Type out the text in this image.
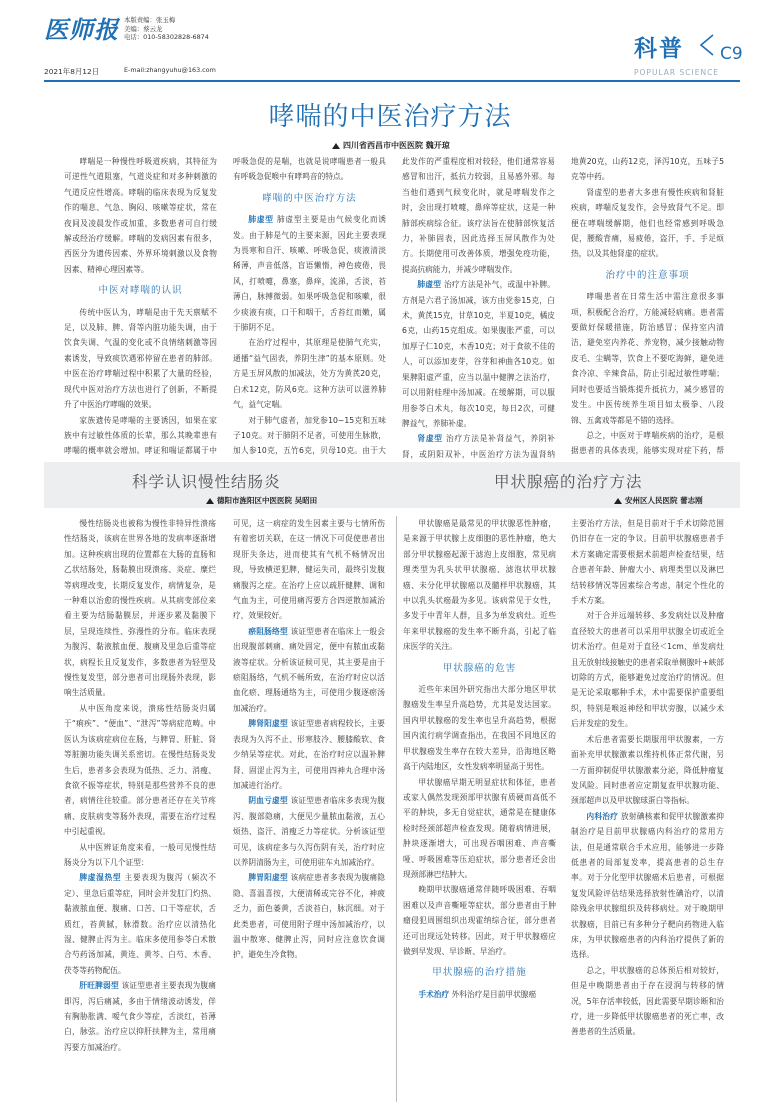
医师报 本版责编：张玉梅
美编：蔡云龙
电话：010-58302828-6874
2021年8月12日	E-mail:zhangyuhu@163.com
科普
POPULAR SCIENCE
C9
哮喘的中医治疗方法
四川省西昌市中医医院 魏开琼

哮喘是一种慢性呼吸道疾病，其特征为可逆性气道阻塞，气道炎症和对多种刺激的气道反应性增高。哮喘的临床表现为反复发作的喘息、气急、胸闷、咳嗽等症状，常在夜间及凌晨发作或加重，多数患者可自行缓解或经治疗缓解。哮喘的发病因素有很多，西医分为遗传因素、外界环境刺激以及食物因素、精神心理因素等。

中医对哮喘的认识

传统中医认为，哮喘是由于先天禀赋不足，以及肺、脾、肾等内脏功能失调，由于饮食失调、气温的变化或不良情绪刺激等因素诱发，导致痰饮遇邪停留在患者的肺部。中医在治疗哮喘过程中积累了大量的经验，现代中医对治疗方法也进行了创新，不断提升了中医治疗哮喘的效果。

家族遗传是哮喘的主要诱因，如果在家族中有过敏性体质的长辈，那么其晚辈患有哮喘的概率就会增加。哮证和喘证都属于中

呼吸急促的是喘，也就是说哮喘患者一般具有呼吸急促喉中有哮鸣音的特点。

哮喘的中医治疗方法

肺虚型 肺虚型主要是由气候变化而诱发。由于肺是气的主要来源，因此主要表现为畏寒和自汗、咳嗽、呼吸急促，痰液清淡稀薄，声音低落，盲语懒惰，神色疲倦，畏风，打喷嚏，鼻塞，鼻痒，流涕，舌淡，苔薄白，脉搏微弱。如果呼吸急促和咳嗽，很少痰液有痰，口干和咽干，舌苔红而嫩，属于肺阴不足。

在治疗过程中，其原理是使肺气充实，通播“益气固表，养阴生津”的基本原则。处方是玉屏风散的加减法，处方为黄芪20克，白术12克，防风6克。这种方法可以滋养肺气，益气定喘。

对于肺气虚者，加党参10~15克和五味子10克。对于肺阴不足者，可使用生脉散，加人参10克，五竹6克，贝母10克。由于大

此发作的严重程度相对较轻，他们通常容易感冒和出汗，抵抗力较弱，且易感外邪。每当他们遇到气候变化时，就是哮喘发作之时，会出现打喷嚏，鼻痒等症状，这是一种肺部疾病综合征。该疗法旨在使肺部恢复活力，补肺固表，因此选择玉屏风散作为处方。长期使用可改善体质，增强免疫功能，提高抗病能力，并减少哮喘发作。

肺虚型 治疗方法是补气，或温中补脾。方剂是六君子汤加减，该方由党参15克，白术，黄芪15克，甘草10克，半夏10克，橘皮6克，山药15克组成。如果腹胀严重，可以加厚子仁10克，木香10克；对于食欲不佳的人，可以添加麦芽，谷芽和神曲各10克。如果脾阳虚严重，应当以温中健脾之法治疗，可以用附桂理中汤加减。在缓解期，可以服用参苓白术丸，每次10克，每日2次，可健脾益气，养肺补虚。

肾虚型 治疗方法是补肾益气，养阴补肾，或阴阳双补，中医治疗方法为温肾纳

地黄20克，山药12克，泽泻10克，五味子5克等中药。

肾虚型的患者大多患有慢性疾病和肾脏疾病，哮喘反复发作，会导致肾气不足。即便在哮喘缓解期，他们也经常感到呼吸急促，腰酸背痛，易疲倦，盗汗，手、手足烦热，以及其他肾虚的症状。

治疗中的注意事项

哮喘患者在日常生活中需注意很多事项，积极配合治疗，方能减轻病痛。患者需要做好保暖措施，防治感冒；保持室内清洁，避免室内养花、养宠物，减少接触动物皮毛、尘螨等，饮食上不要吃海鲜，避免进食冷凉、辛辣食品，防止引起过敏性哮喘；同时也要适当锻炼提升抵抗力，减少感冒的发生。中医传统养生项目如太极拳、八段锦、五禽戏等都是不错的选择。

总之，中医对于哮喘疾病的治疗，是根据患者的具体表现，能够实现对症下药，帮

科学认识慢性结肠炎
德阳市旌阳区中医医院 吴昭田
甲状腺癌的治疗方法
安州区人民医院 蕾志刚

慢性结肠炎也被称为慢性非特异性溃疡性结肠炎，该病在世界各地的发病率逐渐增加。这种疾病出现的位置都在大肠的直肠和乙状结肠处，肠黏膜出现溃疡、炎症、糜烂等病理改变，长期反复发作，病情复杂，是一种难以治愈的慢性疾病。从其病变部位来看主要为结肠黏膜层，并逐步累及黏膜下层，呈现连续性、弥漫性的分布。临床表现为腹泻、黏液脓血便、腹痛及里急后重等症状，病程长且反复发作，多数患者为轻型及慢性复发型，部分患者可出现肠外表现，影响生活质量。

从中医角度来说，溃疡性结肠炎归属于“痢疾”、“便血”、“泄泻”等病症范畴。中医认为该病症病位在肠，与脾胃、肝脏、肾等脏腑功能失调关系密切。在慢性结肠炎发生后，患者多会表现为低热、乏力、消瘦、食欲不振等症状，特别是那些营养不良的患者，病情往往较重。部分患者还存在关节疼痛、皮肤病变等肠外表现，需要在治疗过程中引起重视。

从中医辨证角度来看，一般可见慢性结肠炎分为以下几个证型：

脾虚湿热型 主要表现为腹泻（频次不定）、里急后重等症，同时会并发肛门灼热、黏液脓血便、腹痛、口苦、口干等症状，舌质红，苔黄腻，脉滑数。治疗应以清热化湿、健脾止泻为主。临床多使用参苓白术散合芍药汤加减，黄连、黄芩、白芍、木香、茯苓等药物配伍。

肝旺脾弱型 该证型患者主要表现为腹痛即泻，泻后痛减，多由于情绪波动诱发，伴有胸胁胀满、嗳气食少等症，舌淡红，苔薄白，脉弦。治疗应以抑肝扶脾为主，常用痛泻要方加减治疗。

可见，这一病症的发生因素主要与七情所伤有着密切关联，在这一情况下可促使患者出现肝失条达，进而使其有气机不畅情况出现，导致横逆犯脾，健运失司，最终引发腹痛腹泻之症。在治疗上应以疏肝健脾、调和气血为主，可使用痛泻要方合四逆散加减治疗，效果较好。

瘀阻肠络型 该证型患者在临床上一般会出现腹部刺痛、痛处固定，便中有脓血或黏液等症状。分析该证候可见，其主要是由于瘀阻肠络，气机不畅所致，在治疗时应以活血化瘀、理肠通络为主，可使用少腹逐瘀汤加减治疗。

脾肾阳虚型 该证型患者病程较长，主要表现为久泻不止、形寒肢冷、腰膝酸软、食少纳呆等症状。对此，在治疗时应以温补脾肾、固涩止泻为主，可使用四神丸合理中汤加减进行治疗。

阴血亏虚型 该证型患者临床多表现为腹泻、腹部隐痛，大便见少量脓血黏液，五心烦热、盗汗、消瘦乏力等症状。分析该证型可见，该病症多与久泻伤阴有关，治疗时应以养阴清肠为主，可使用驻车丸加减治疗。

脾胃阳虚型 该病症患者多表现为腹痛隐隐、喜温喜按，大便清稀或完谷不化，神疲乏力，面色萎黄，舌淡苔白，脉沉细。对于此类患者，可使用附子理中汤加减治疗，以温中散寒、健脾止泻，同时应注意饮食调护，避免生冷食物。

甲状腺癌是最常见的甲状腺恶性肿瘤，是来源于甲状腺上皮细胞的恶性肿瘤，绝大部分甲状腺癌起源于滤泡上皮细胞，常见病理类型为乳头状甲状腺癌、滤泡状甲状腺癌、未分化甲状腺癌以及髓样甲状腺癌，其中以乳头状癌最为多见。该病常见于女性，多发于中青年人群，且多为单发病灶。近些年来甲状腺癌的发生率不断升高，引起了临床医学的关注。

甲状腺癌的危害

近些年来国外研究指出大部分地区甲状腺癌发生率呈升高趋势，尤其是发达国家。国内甲状腺癌的发生率也呈升高趋势，根据国内流行病学调查指出，在我国不同地区的甲状腺癌发生率存在较大差异，沿海地区略高于内陆地区，女性发病率明显高于男性。

甲状腺癌早期无明显症状和体征，患者或家人偶然发现颈部甲状腺有质硬而高低不平的肿块，多无自觉症状，通常是在健康体检时经颈部超声检查发现。随着病情进展，肿块逐渐增大，可出现吞咽困难、声音嘶哑、呼吸困难等压迫症状，部分患者还会出现颈部淋巴结肿大。

晚期甲状腺癌通常伴随呼吸困难、吞咽困难以及声音嘶哑等症状，部分患者由于肿瘤侵犯周围组织出现霍纳综合征，部分患者还可出现远处转移。因此，对于甲状腺癌应做到早发现、早诊断、早治疗。

甲状腺癌的治疗措施

手术治疗 外科治疗是目前甲状腺癌

主要治疗方法，但是目前对于手术切除范围仍旧存在一定的争议。目前甲状腺癌患者手术方案确定需要根据术前超声检查结果，结合患者年龄、肿瘤大小、病理类型以及淋巴结转移情况等因素综合考虑，制定个性化的手术方案。

对于合并远端转移、多发病灶以及肿瘤直径较大的患者可以采用甲状腺全切或近全切术治疗。但是对于直径＜1cm、单发病灶且无放射线接触史的患者采取单侧腺叶+峡部切除的方式，能够避免过度治疗的情况。但是无论采取哪种手术，术中需要保护重要组织，特别是喉返神经和甲状旁腺，以减少术后并发症的发生。

术后患者需要长期服用甲状腺素，一方面补充甲状腺激素以维持机体正常代谢，另一方面抑制促甲状腺激素分泌，降低肿瘤复发风险。同时患者应定期复查甲状腺功能、颈部超声以及甲状腺球蛋白等指标。

内科治疗 放射碘核素和促甲状腺激素抑制治疗是目前甲状腺癌内科治疗的常用方法，但是通常联合手术应用，能够进一步降低患者的局部复发率，提高患者的总生存率。对于分化型甲状腺癌术后患者，可根据复发风险评估结果选择放射性碘治疗，以清除残余甲状腺组织及转移病灶。对于晚期甲状腺癌，目前已有多种分子靶向药物进入临床，为甲状腺癌患者的内科治疗提供了新的选择。

总之，甲状腺癌的总体预后相对较好，但是中晚期患者由于存在浸润与转移的情况，5年存活率较低，因此需要早期诊断和治疗，进一步降低甲状腺癌患者的死亡率，改善患者的生活质量。
